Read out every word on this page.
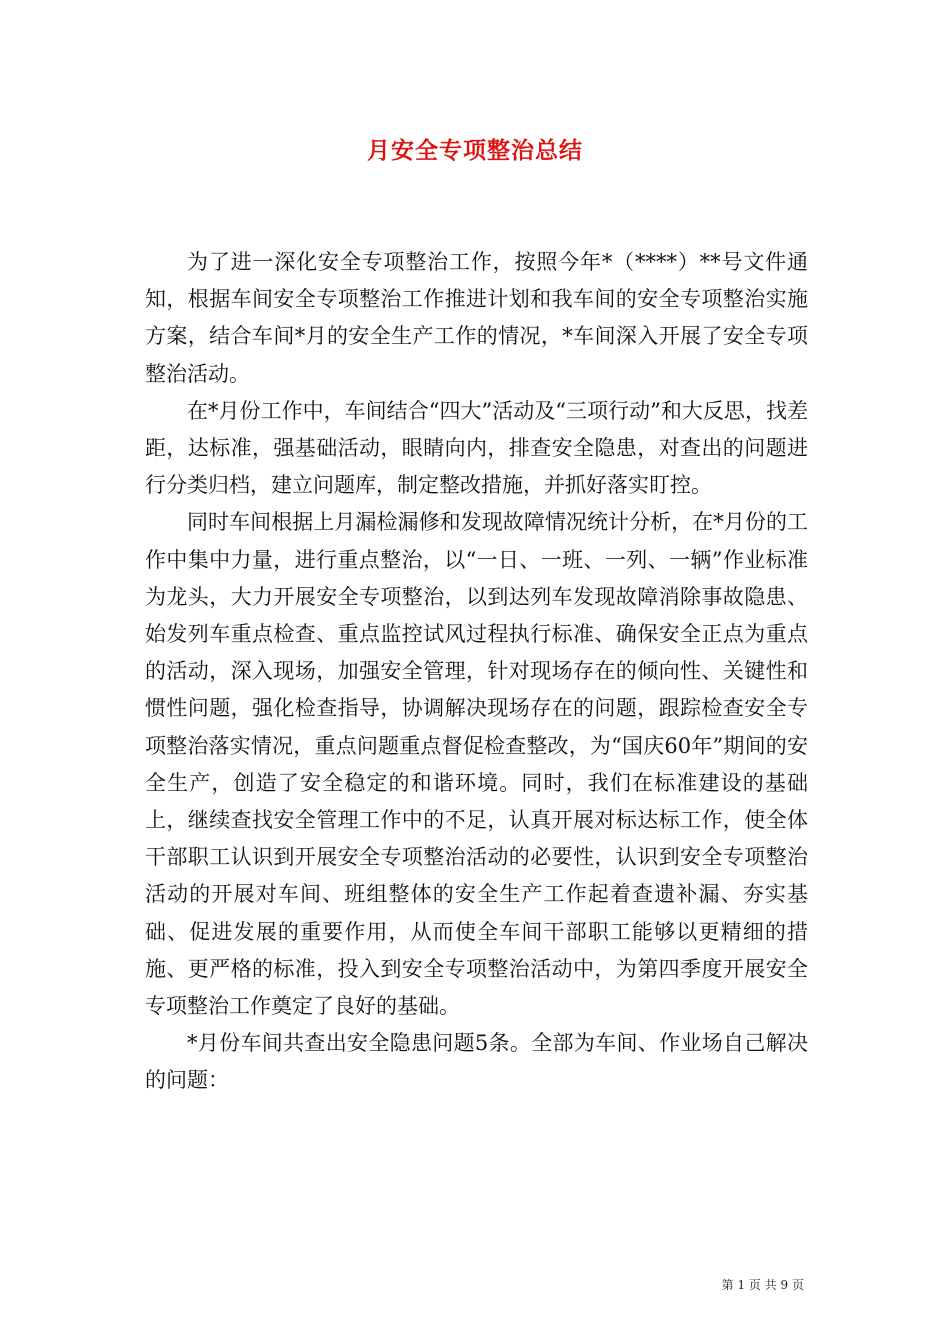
月安全专项整治总结

为了进一深化安全专项整治工作，按照今年*（****）**号文件通知，根据车间安全专项整治工作推进计划和我车间的安全专项整治实施方案，结合车间*月的安全生产工作的情况，*车间深入开展了安全专项整治活动。

在*月份工作中，车间结合“四大”活动及“三项行动”和大反思，找差距，达标准，强基础活动，眼睛向内，排查安全隐患，对查出的问题进行分类归档，建立问题库，制定整改措施，并抓好落实盯控。

同时车间根据上月漏检漏修和发现故障情况统计分析，在*月份的工作中集中力量，进行重点整治，以“一日、一班、一列、一辆”作业标准为龙头，大力开展安全专项整治，以到达列车发现故障消除事故隐患、始发列车重点检查、重点监控试风过程执行标准、确保安全正点为重点的活动，深入现场，加强安全管理，针对现场存在的倾向性、关键性和惯性问题，强化检查指导，协调解决现场存在的问题，跟踪检查安全专项整治落实情况，重点问题重点督促检查整改，为“国庆60年”期间的安全生产，创造了安全稳定的和谐环境。同时，我们在标准建设的基础上，继续查找安全管理工作中的不足，认真开展对标达标工作，使全体干部职工认识到开展安全专项整治活动的必要性，认识到安全专项整治活动的开展对车间、班组整体的安全生产工作起着查遗补漏、夯实基础、促进发展的重要作用，从而使全车间干部职工能够以更精细的措施、更严格的标准，投入到安全专项整治活动中，为第四季度开展安全专项整治工作奠定了良好的基础。

*月份车间共查出安全隐患问题5条。全部为车间、作业场自己解决的问题：

第 1 页 共 9 页
